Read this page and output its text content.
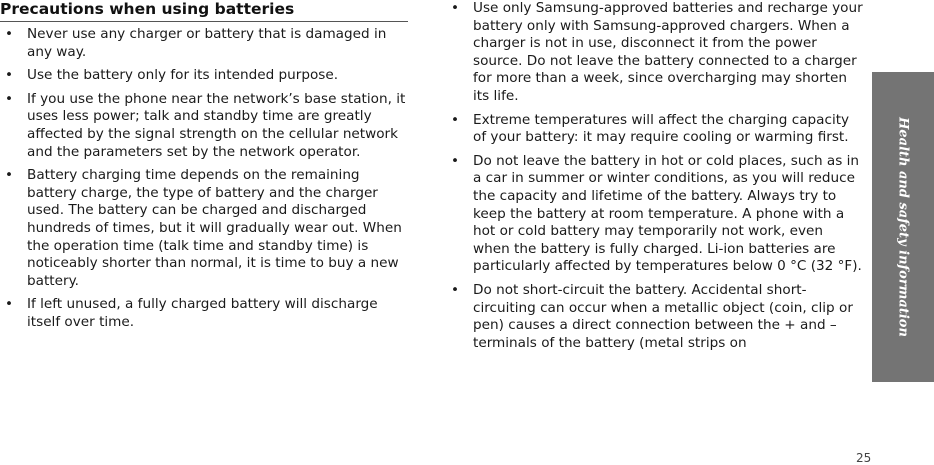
Precautions when using batteries
• Never use any charger or battery that is damaged in any way.
• Use the battery only for its intended purpose.
• If you use the phone near the network’s base station, it uses less power; talk and standby time are greatly affected by the signal strength on the cellular network and the parameters set by the network operator.
• Battery charging time depends on the remaining battery charge, the type of battery and the charger used. The battery can be charged and discharged hundreds of times, but it will gradually wear out. When the operation time (talk time and standby time) is noticeably shorter than normal, it is time to buy a new battery.
• If left unused, a fully charged battery will discharge itself over time.
• Use only Samsung-approved batteries and recharge your battery only with Samsung-approved chargers. When a charger is not in use, disconnect it from the power source. Do not leave the battery connected to a charger for more than a week, since overcharging may shorten its life.
• Extreme temperatures will affect the charging capacity of your battery: it may require cooling or warming first.
• Do not leave the battery in hot or cold places, such as in a car in summer or winter conditions, as you will reduce the capacity and lifetime of the battery. Always try to keep the battery at room temperature. A phone with a hot or cold battery may temporarily not work, even when the battery is fully charged. Li-ion batteries are particularly affected by temperatures below 0 °C (32 °F).
• Do not short-circuit the battery. Accidental short-circuiting can occur when a metallic object (coin, clip or pen) causes a direct connection between the + and – terminals of the battery (metal strips on
Health and safety information
25
